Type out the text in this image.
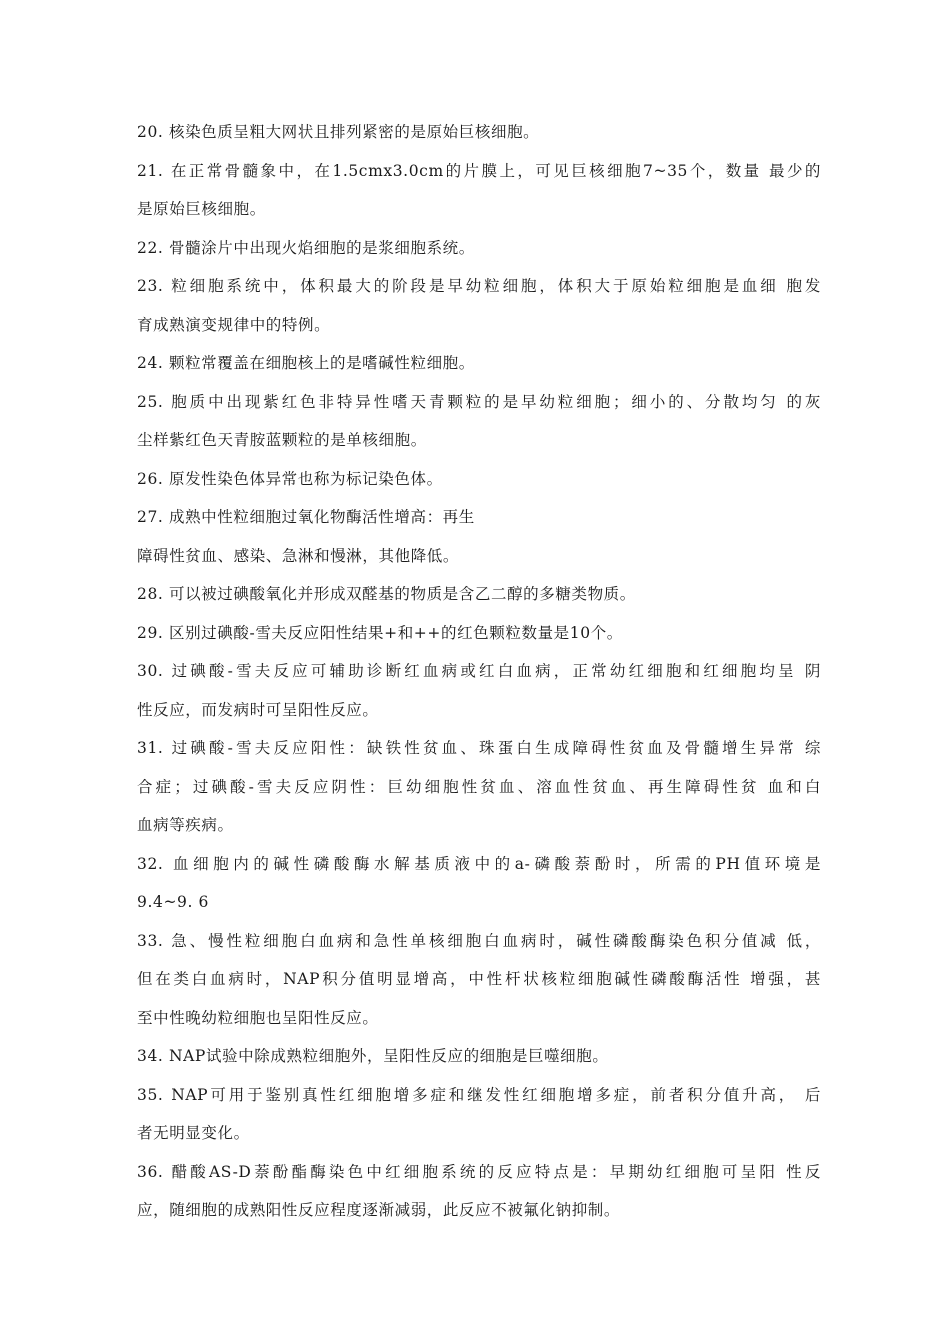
20. 核染色质呈粗大网状且排列紧密的是原始巨核细胞。
21. 在正常骨髓象中，在1.5cmx3.0cm的片膜上，可见巨核细胞7~35个，数量 最少的
是原始巨核细胞。
22. 骨髓涂片中出现火焰细胞的是浆细胞系统。
23. 粒细胞系统中，体积最大的阶段是早幼粒细胞，体积大于原始粒细胞是血细 胞发
育成熟演变规律中的特例。
24. 颗粒常覆盖在细胞核上的是嗜碱性粒细胞。
25. 胞质中出现紫红色非特异性嗜天青颗粒的是早幼粒细胞；细小的、分散均匀 的灰
尘样紫红色天青胺蓝颗粒的是单核细胞。
26. 原发性染色体异常也称为标记染色体。
27. 成熟中性粒细胞过氧化物酶活性增高：再生
障碍性贫血、感染、急淋和慢淋，其他降低。
28. 可以被过碘酸氧化并形成双醛基的物质是含乙二醇的多糖类物质。
29. 区别过碘酸-雪夫反应阳性结果+和++的红色颗粒数量是10个。
30. 过碘酸-雪夫反应可辅助诊断红血病或红白血病，正常幼红细胞和红细胞均呈 阴
性反应，而发病时可呈阳性反应。
31. 过碘酸-雪夫反应阳性：缺铁性贫血、珠蛋白生成障碍性贫血及骨髓增生异常 综
合症；过碘酸-雪夫反应阴性：巨幼细胞性贫血、溶血性贫血、再生障碍性贫 血和白
血病等疾病。
32. 血细胞内的碱性磷酸酶水解基质液中的a-磷酸萘酚时，所需的PH值环境是
9.4~9. 6
33. 急、慢性粒细胞白血病和急性单核细胞白血病时，碱性磷酸酶染色积分值减 低，
但在类白血病时，NAP积分值明显增高，中性杆状核粒细胞碱性磷酸酶活性 增强，甚
至中性晚幼粒细胞也呈阳性反应。
34. NAP试验中除成熟粒细胞外，呈阳性反应的细胞是巨噬细胞。
35. NAP可用于鉴别真性红细胞增多症和继发性红细胞增多症，前者积分值升高， 后
者无明显变化。
36. 醋酸AS-D萘酚酯酶染色中红细胞系统的反应特点是：早期幼红细胞可呈阳 性反
应，随细胞的成熟阳性反应程度逐渐减弱，此反应不被氟化钠抑制。
